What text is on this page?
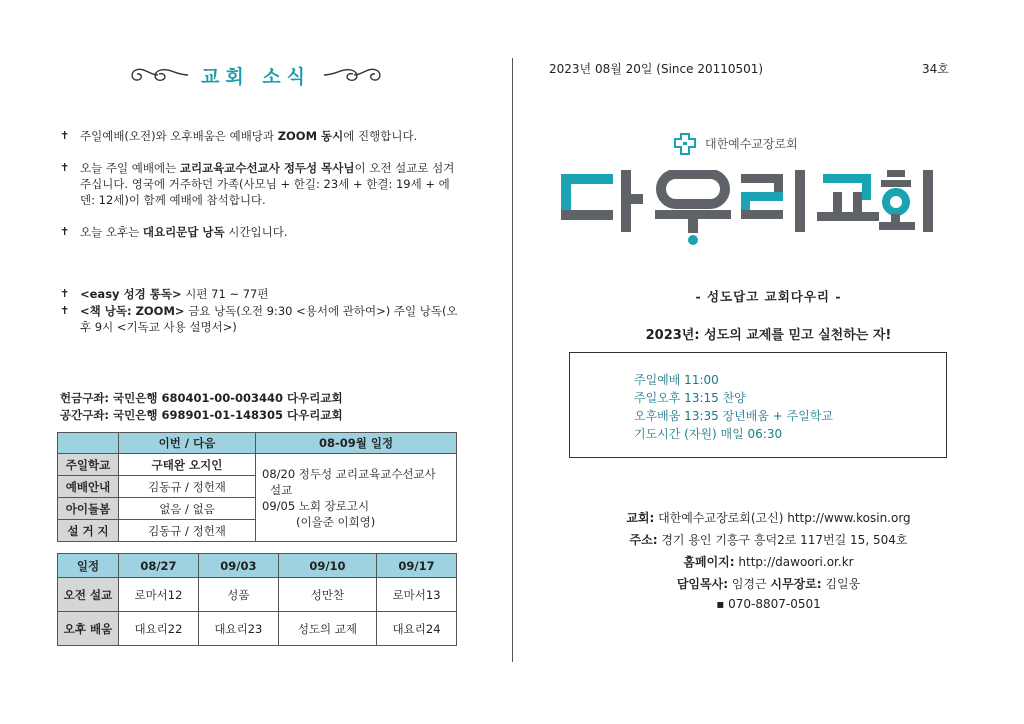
교회 소식
✝ 주일예배(오전)와 오후배움은 예배당과 ZOOM 동시에 진행합니다.
✝ 오늘 주일 예배에는 교리교육교수선교사 정두성 목사님이 오전 설교로 섬겨 주십니다. 영국에 거주하던 가족(사모님 + 한길: 23세 + 한결: 19세 + 에덴: 12세)이 함께 예배에 참석합니다.
✝ 오늘 오후는 대요리문답 낭독 시간입니다.
✝ <easy 성경 통독> 시편 71 ~ 77편
✝ <책 낭독: ZOOM> 금요 낭독(오전 9:30 <용서에 관하여>) 주일 낭독(오후 9시 <기독교 사용 설명서>)
헌금구좌: 국민은행 680401-00-003440 다우리교회
공간구좌: 국민은행 698901-01-148305 다우리교회
	이번 / 다음	08-09월 일정
주일학교	구태완 오지인	08/20 정두성 교리교육교수선교사
설교
09/05 노회 장로고시
(이을준 이희영)

예배안내	김동규 / 정헌재	
아이돌봄	없음 / 없음	
설 거 지	김동규 / 정헌재	
일정	08/27	09/03	09/10	09/17
오전 설교	로마서12	성품	성만찬	로마서13
오후 배움	대요리22	대요리23	성도의 교제	대요리24
2023년 08월 20일 (Since 20110501)	34호
대한예수교장로회
- 성도답고 교회다우리 -
2023년: 성도의 교제를 믿고 실천하는 자!
주일예배 11:00
주일오후 13:15 찬양
오후배움 13:35 장년배움 + 주일학교
기도시간 (자원) 매일 06:30
교회: 대한예수교장로회(고신) http://www.kosin.org
주소: 경기 용인 기흥구 흥덕2로 117번길 15, 504호
홈페이지: http://dawoori.or.kr
담임목사: 임경근 시무장로: 김일웅
▪ 070-8807-0501
